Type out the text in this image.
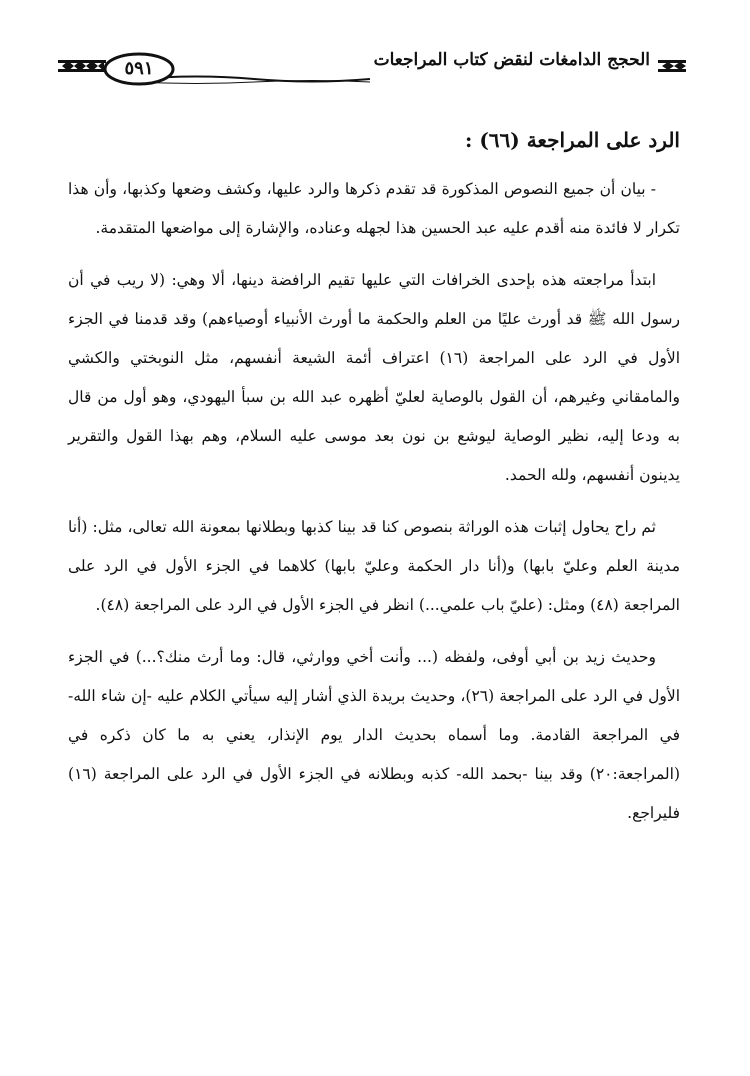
الحجج الدامغات لنقض كتاب المراجعات
٥٩١
الرد على المراجعة (٦٦) :

- بيان أن جميع النصوص المذكورة قد تقدم ذكرها والرد عليها، وكشف وضعها وكذبها، وأن هذا تكرار لا فائدة منه أقدم عليه عبد الحسين هذا لجهله وعناده، والإشارة إلى مواضعها المتقدمة.

ابتدأ مراجعته هذه بإحدى الخرافات التي عليها تقيم الرافضة دينها، ألا وهي: (لا ريب في أن رسول الله ﷺ قد أورث عليًا من العلم والحكمة ما أورث الأنبياء أوصياءهم) وقد قدمنا في الجزء الأول في الرد على المراجعة (١٦) اعتراف أئمة الشيعة أنفسهم، مثل النوبختي والكشي والمامقاني وغيرهم، أن القول بالوصاية لعليّ أظهره عبد الله بن سبأ اليهودي، وهو أول من قال به ودعا إليه، نظير الوصاية ليوشع بن نون بعد موسى عليه السلام، وهم بهذا القول والتقرير يدينون أنفسهم، ولله الحمد.

ثم راح يحاول إثبات هذه الوراثة بنصوص كنا قد بينا كذبها وبطلانها بمعونة الله تعالى، مثل: (أنا مدينة العلم وعليّ بابها) و(أنا دار الحكمة وعليّ بابها) كلاهما في الجزء الأول في الرد على المراجعة (٤٨) ومثل: (عليّ باب علمي...) انظر في الجزء الأول في الرد على المراجعة (٤٨).

وحديث زيد بن أبي أوفى، ولفظه (... وأنت أخي ووارثي، قال: وما أرث منك؟...) في الجزء الأول في الرد على المراجعة (٢٦)، وحديث بريدة الذي أشار إليه سيأتي الكلام عليه -إن شاء الله- في المراجعة القادمة. وما أسماه بحديث الدار يوم الإنذار، يعني به ما كان ذكره في (المراجعة:٢٠) وقد بينا -بحمد الله- كذبه وبطلانه في الجزء الأول في الرد على المراجعة (١٦) فليراجع.
